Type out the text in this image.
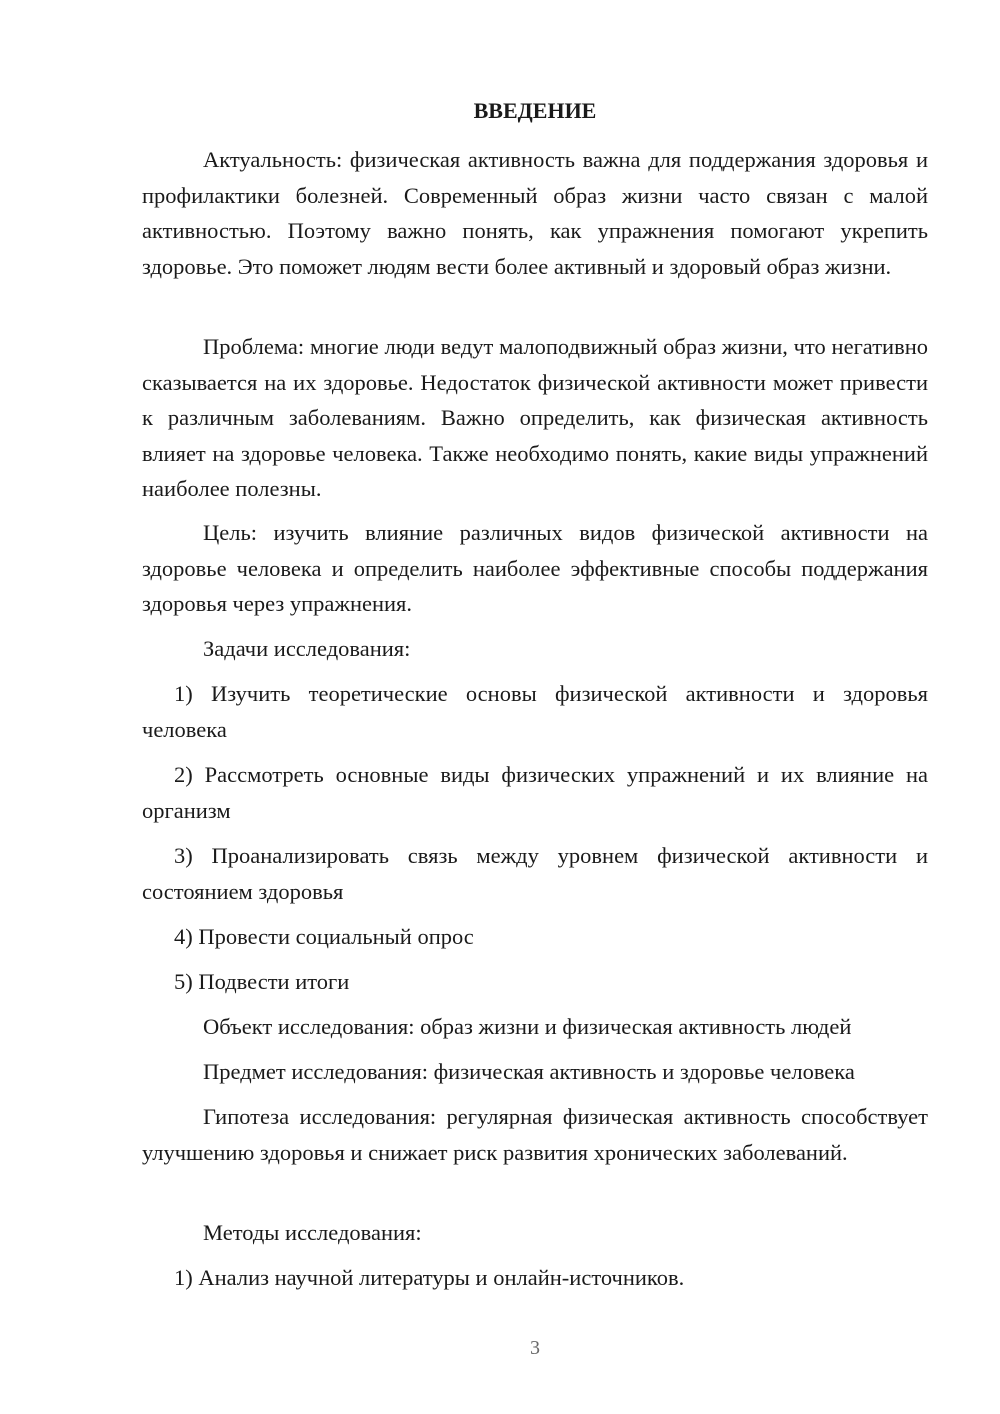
ВВЕДЕНИЕ

Актуальность: физическая активность важна для поддержания здоровья и профилактики болезней. Современный образ жизни часто связан с малой активностью. Поэтому важно понять, как упражнения помогают укрепить здоровье. Это поможет людям вести более активный и здоровый образ жизни.

Проблема: многие люди ведут малоподвижный образ жизни, что негативно сказывается на их здоровье. Недостаток физической активности может привести к различным заболеваниям. Важно определить, как физическая активность влияет на здоровье человека. Также необходимо понять, какие виды упражнений наиболее полезны.

Цель: изучить влияние различных видов физической активности на здоровье человека и определить наиболее эффективные способы поддержания здоровья через упражнения.

Задачи исследования:

1) Изучить теоретические основы физической активности и здоровья человека

2) Рассмотреть основные виды физических упражнений и их влияние на организм

3) Проанализировать связь между уровнем физической активности и состоянием здоровья

4) Провести социальный опрос

5) Подвести итоги

Объект исследования: образ жизни и физическая активность людей

Предмет исследования: физическая активность и здоровье человека

Гипотеза исследования: регулярная физическая активность способствует улучшению здоровья и снижает риск развития хронических заболеваний.

Методы исследования:

1) Анализ научной литературы и онлайн-источников.

3
